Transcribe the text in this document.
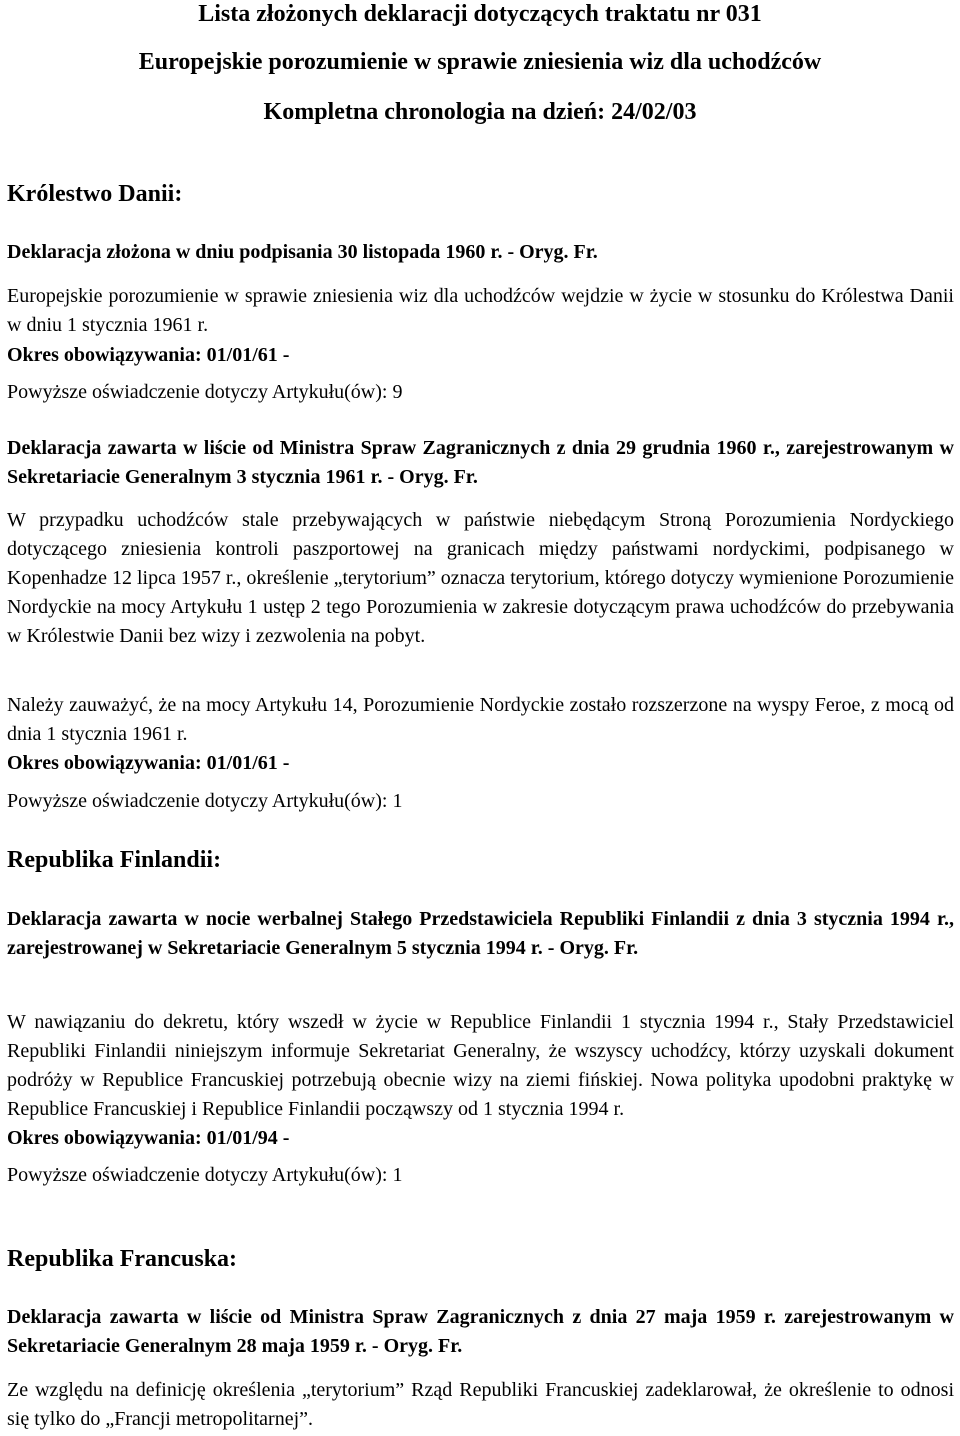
Lista złożonych deklaracji dotyczących traktatu nr 031
Europejskie porozumienie w sprawie zniesienia wiz dla uchodźców
Kompletna chronologia na dzień: 24/02/03
Królestwo Danii:
Deklaracja złożona w dniu podpisania 30 listopada 1960 r. - Oryg. Fr.
Europejskie porozumienie w sprawie zniesienia wiz dla uchodźców wejdzie w życie w stosunku do Królestwa Danii w dniu 1 stycznia 1961 r.
Okres obowiązywania: 01/01/61 -
Powyższe oświadczenie dotyczy Artykułu(ów): 9
Deklaracja zawarta w liście od Ministra Spraw Zagranicznych z dnia 29 grudnia 1960 r., zarejestrowanym w Sekretariacie Generalnym 3 stycznia 1961 r. - Oryg. Fr.
W przypadku uchodźców stale przebywających w państwie niebędącym Stroną Porozumienia Nordyckiego dotyczącego zniesienia kontroli paszportowej na granicach między państwami nordyckimi, podpisanego w Kopenhadze 12 lipca 1957 r., określenie „terytorium” oznacza terytorium, którego dotyczy wymienione Porozumienie Nordyckie na mocy Artykułu 1 ustęp 2 tego Porozumienia w zakresie dotyczącym prawa uchodźców do przebywania w Królestwie Danii bez wizy i zezwolenia na pobyt.
Należy zauważyć, że na mocy Artykułu 14, Porozumienie Nordyckie zostało rozszerzone na wyspy Feroe, z mocą od dnia 1 stycznia 1961 r.
Okres obowiązywania: 01/01/61 -
Powyższe oświadczenie dotyczy Artykułu(ów): 1
Republika Finlandii:
Deklaracja zawarta w nocie werbalnej Stałego Przedstawiciela Republiki Finlandii z dnia 3 stycznia 1994 r., zarejestrowanej w Sekretariacie Generalnym 5 stycznia 1994 r. - Oryg. Fr.
W nawiązaniu do dekretu, który wszedł w życie w Republice Finlandii 1 stycznia 1994 r., Stały Przedstawiciel Republiki Finlandii niniejszym informuje Sekretariat Generalny, że wszyscy uchodźcy, którzy uzyskali dokument podróży w Republice Francuskiej potrzebują obecnie wizy na ziemi fińskiej. Nowa polityka upodobni praktykę w Republice Francuskiej i Republice Finlandii począwszy od 1 stycznia 1994 r.
Okres obowiązywania: 01/01/94 -
Powyższe oświadczenie dotyczy Artykułu(ów): 1
Republika Francuska:
Deklaracja zawarta w liście od Ministra Spraw Zagranicznych z dnia 27 maja 1959 r. zarejestrowanym w Sekretariacie Generalnym 28 maja 1959 r. - Oryg. Fr.
Ze względu na definicję określenia „terytorium” Rząd Republiki Francuskiej zadeklarował, że określenie to odnosi się tylko do „Francji metropolitarnej”.
